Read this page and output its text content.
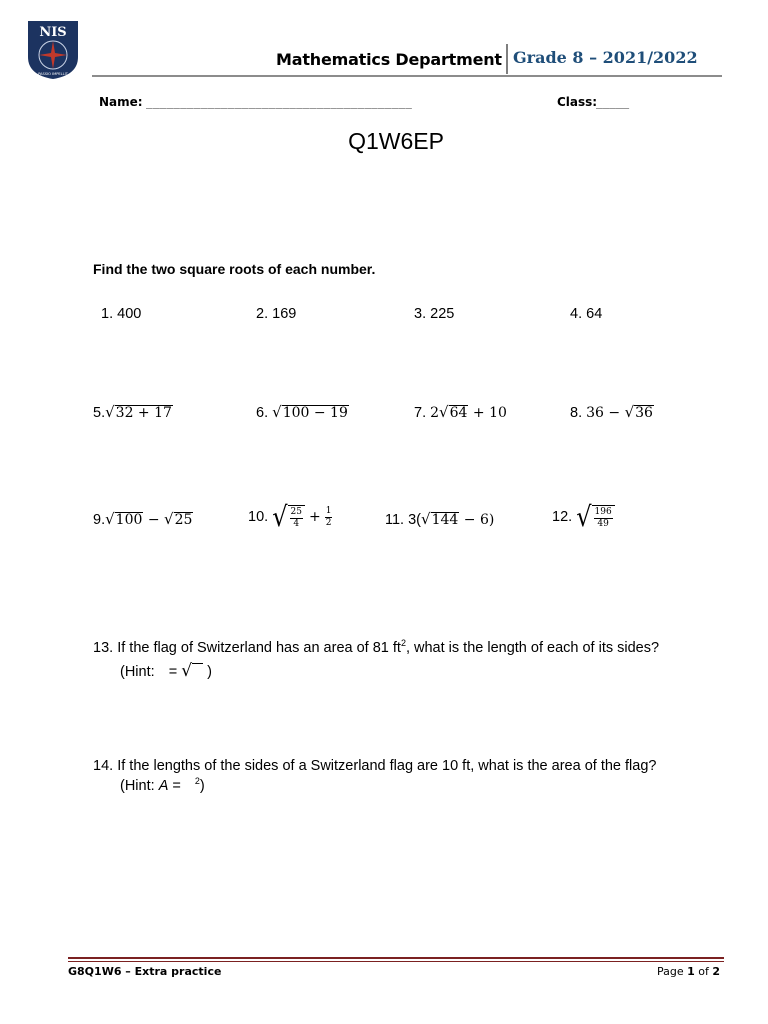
NIS
PASSIO IMPELLIT
Mathematics Department Grade 8 – 2021/2022
Name: _______________________________________	Class:
_____
Q1W6EP
Find the two square roots of each number.
1. 400	2. 169	3. 225	4. 64
5.√32 + 17	6. √100 − 19	7. 2√64 + 10	8. 36 − √36
9.√100 − √25	10. √ $\frac{25}{4} + \frac{1}{2}$	11. 3(√144 − 6)	12. √ $\frac{196}{49}$
13. If the flag of Switzerland has an area of 81 $ft^2$, what is the length of each of its sides?
(Hint: = √ )
14. If the lengths of the sides of a Switzerland flag are 10 ft, what is the area of the flag?
(Hint: A = $^2$)
G8Q1W6 – Extra practice	Page 1 of 2
